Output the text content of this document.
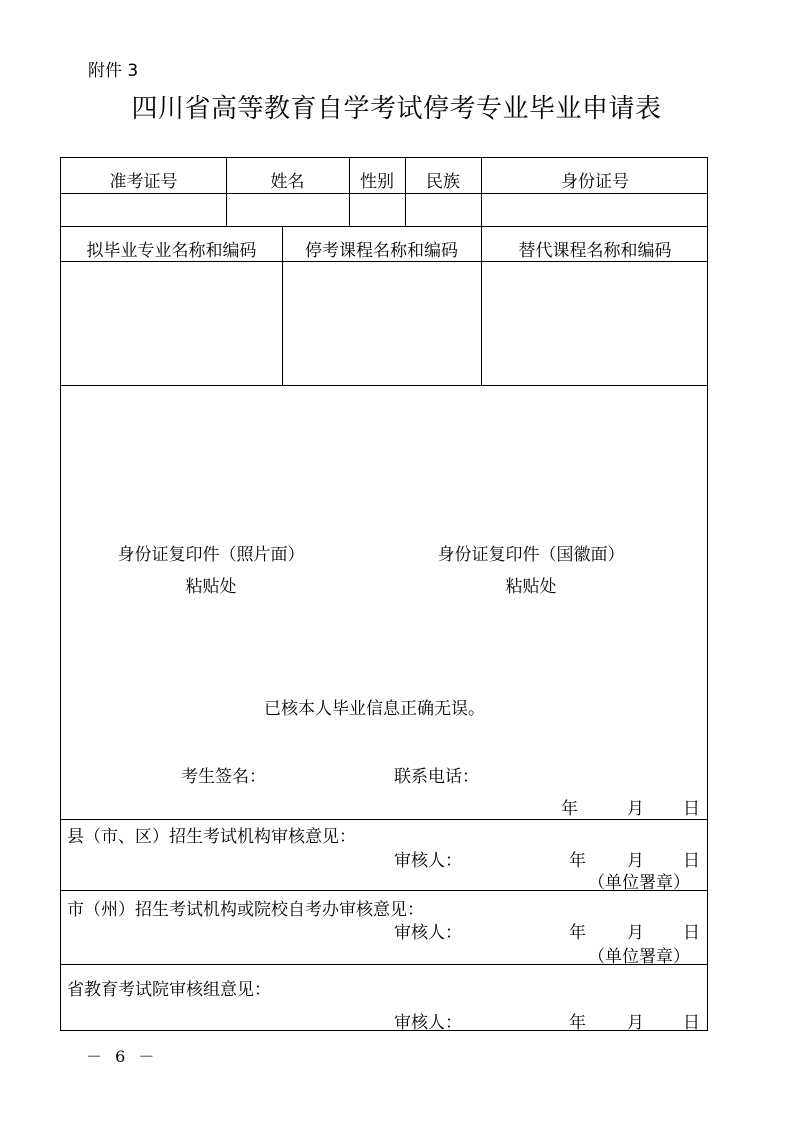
附件 3
四川省高等教育自学考试停考专业毕业申请表
准考证号	姓名	性别	民族	身份证号
拟毕业专业名称和编码	停考课程名称和编码	替代课程名称和编码
身份证复印件（照片面）
粘贴处
身份证复印件（国徽面）
粘贴处
已核本人毕业信息正确无误。
考生签名：	联系电话：
年	月 日
县（市、区）招生考试机构审核意见：
审核人：	年 月 日
（单位署章）
市（州）招生考试机构或院校自考办审核意见：
审核人：	年 月 日
（单位署章）
省教育考试院审核组意见：
审核人：	年 月 日
－ 6 －
